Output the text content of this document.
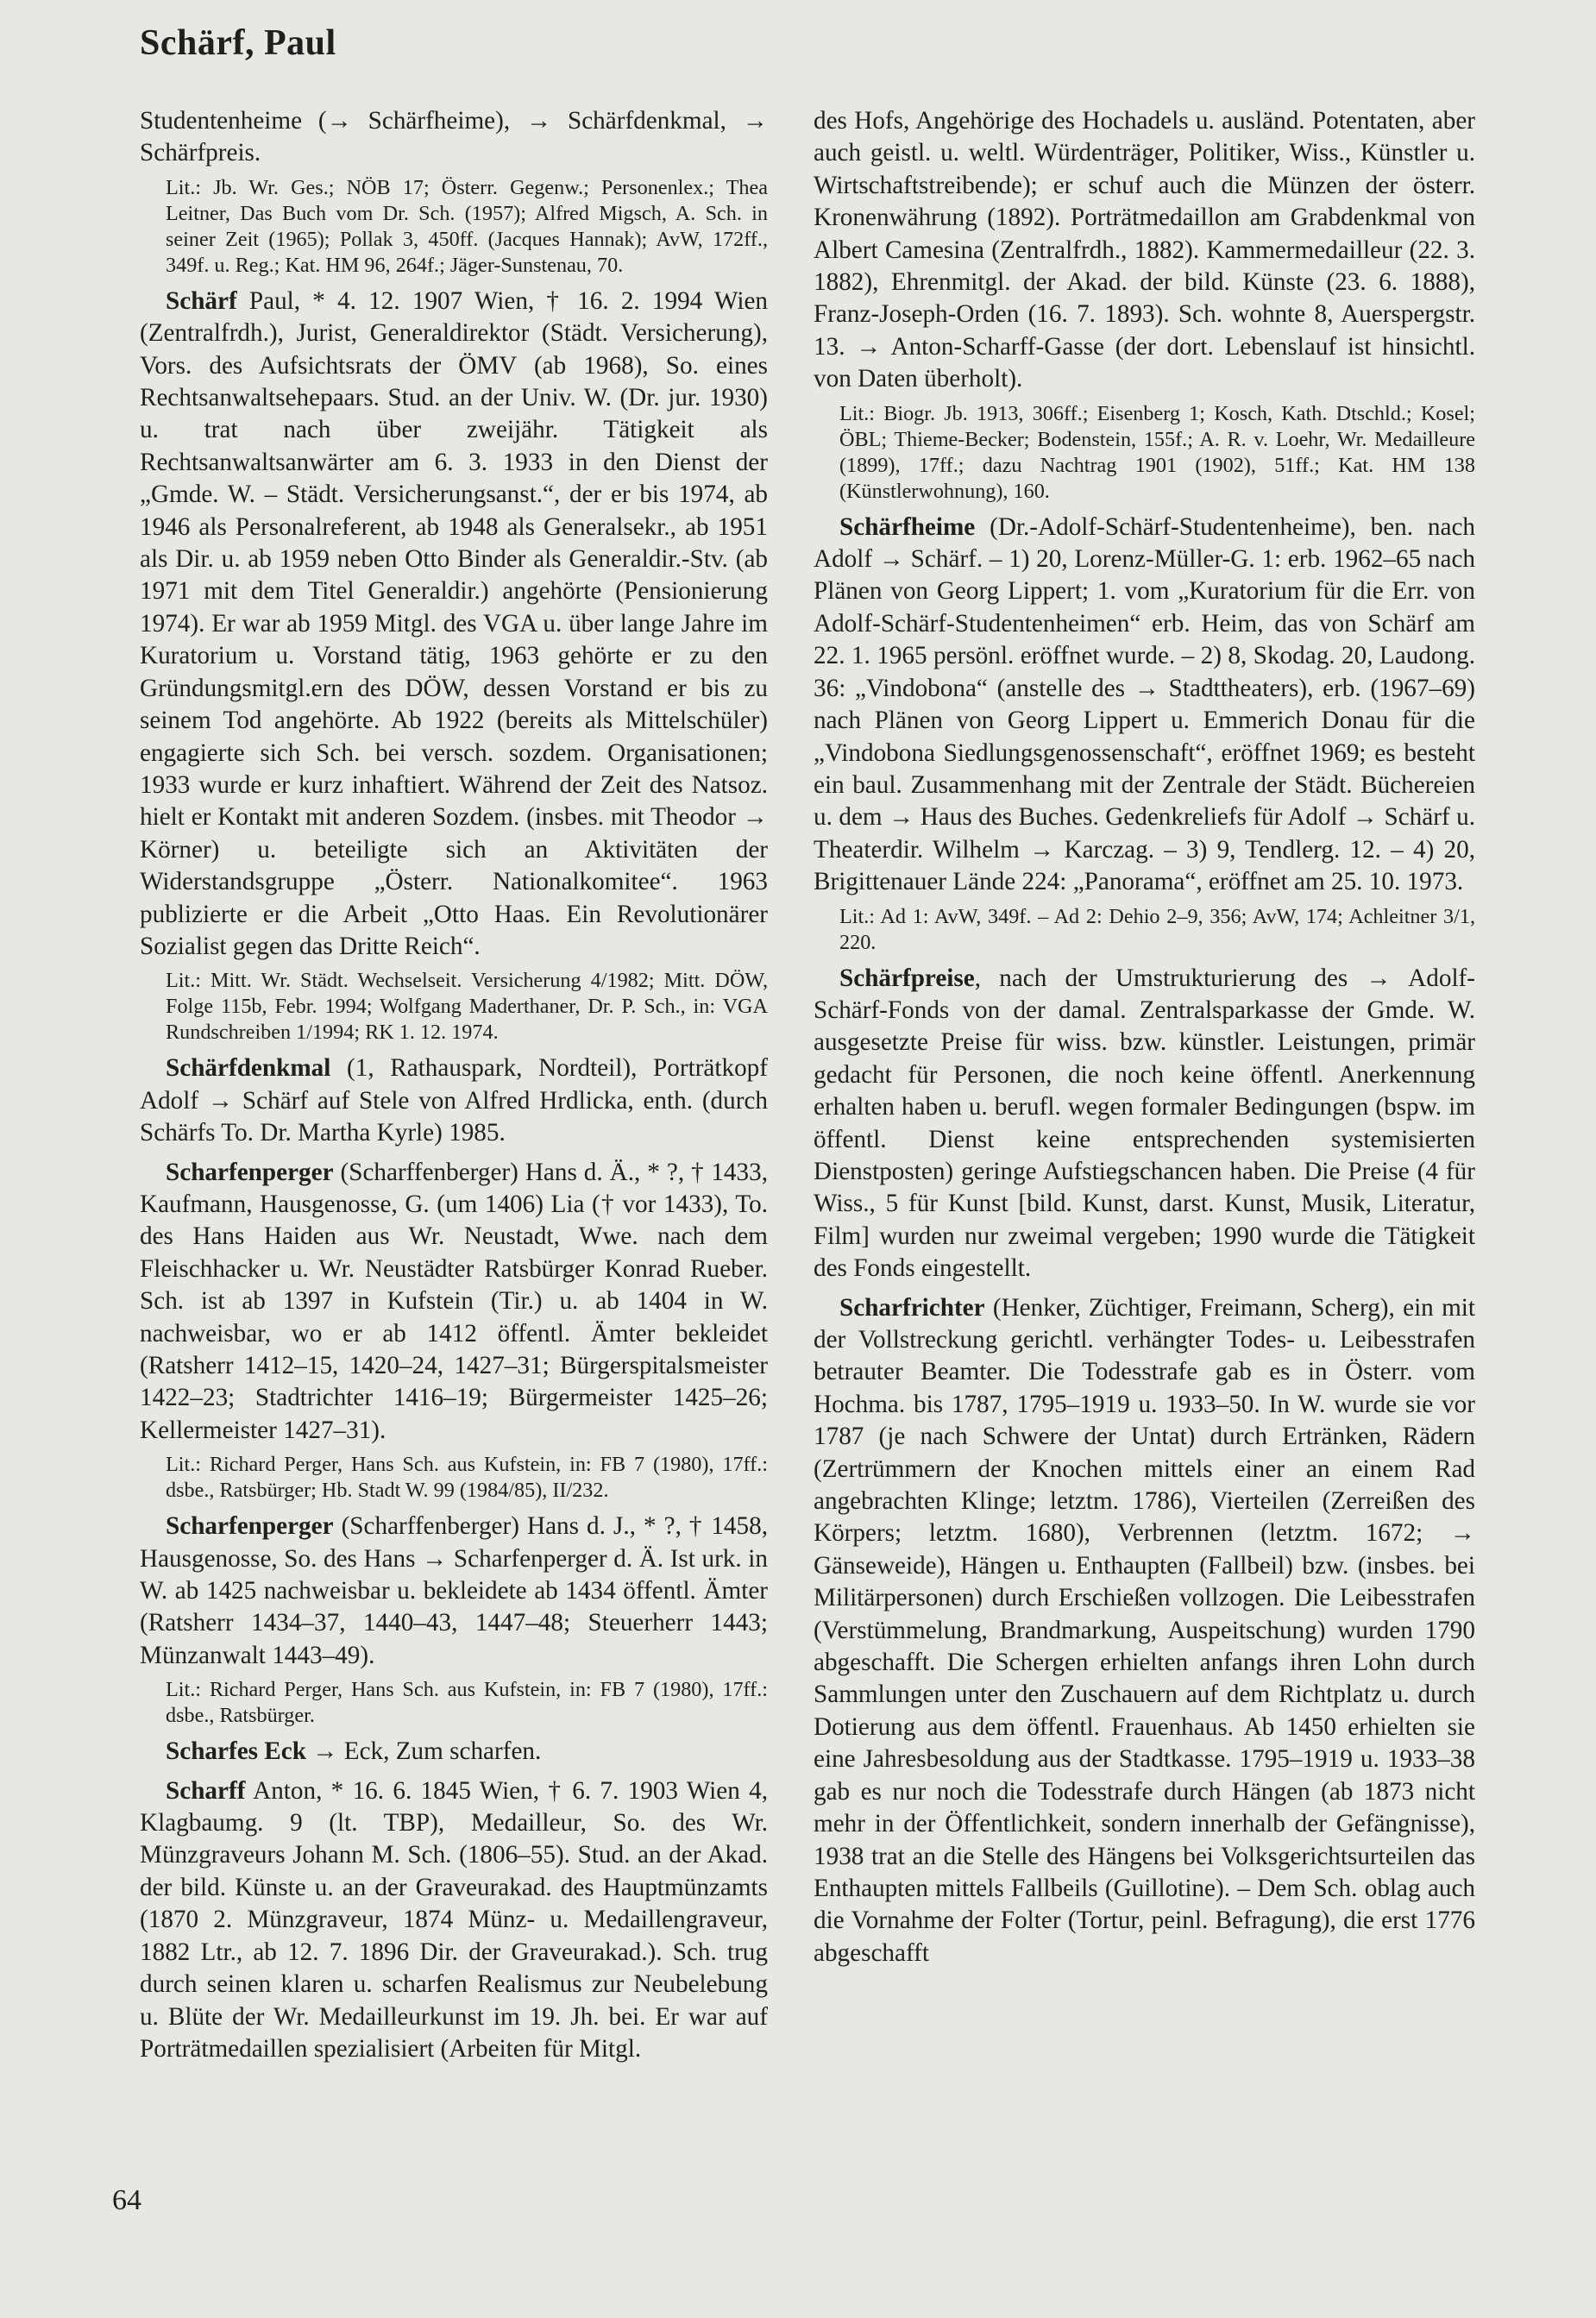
Schärf, Paul

Studentenheime (→ Schärfheime), → Schärfdenkmal, → Schärfpreis.

Lit.: Jb. Wr. Ges.; NÖB 17; Österr. Gegenw.; Personenlex.; Thea Leitner, Das Buch vom Dr. Sch. (1957); Alfred Migsch, A. Sch. in seiner Zeit (1965); Pollak 3, 450ff. (Jacques Hannak); AvW, 172ff., 349f. u. Reg.; Kat. HM 96, 264f.; Jäger-Sunstenau, 70.

Schärf Paul, * 4. 12. 1907 Wien, † 16. 2. 1994 Wien (Zentralfrdh.), Jurist, Generaldirektor (Städt. Versicherung), Vors. des Aufsichtsrats der ÖMV (ab 1968), So. eines Rechtsanwaltsehepaars. Stud. an der Univ. W. (Dr. jur. 1930) u. trat nach über zweijähr. Tätigkeit als Rechtsanwaltsanwärter am 6. 3. 1933 in den Dienst der „Gmde. W. – Städt. Versicherungsanst.“, der er bis 1974, ab 1946 als Personalreferent, ab 1948 als Generalsekr., ab 1951 als Dir. u. ab 1959 neben Otto Binder als Generaldir.-Stv. (ab 1971 mit dem Titel Generaldir.) angehörte (Pensionierung 1974). Er war ab 1959 Mitgl. des VGA u. über lange Jahre im Kuratorium u. Vorstand tätig, 1963 gehörte er zu den Gründungsmitgl.ern des DÖW, dessen Vorstand er bis zu seinem Tod angehörte. Ab 1922 (bereits als Mittelschüler) engagierte sich Sch. bei versch. sozdem. Organisationen; 1933 wurde er kurz inhaftiert. Während der Zeit des Natsoz. hielt er Kontakt mit anderen Sozdem. (insbes. mit Theodor → Körner) u. beteiligte sich an Aktivitäten der Widerstandsgruppe „Österr. Nationalkomitee“. 1963 publizierte er die Arbeit „Otto Haas. Ein Revolutionärer Sozialist gegen das Dritte Reich“.

Lit.: Mitt. Wr. Städt. Wechselseit. Versicherung 4/1982; Mitt. DÖW, Folge 115b, Febr. 1994; Wolfgang Maderthaner, Dr. P. Sch., in: VGA Rundschreiben 1/1994; RK 1. 12. 1974.

Schärfdenkmal (1, Rathauspark, Nordteil), Porträtkopf Adolf → Schärf auf Stele von Alfred Hrdlicka, enth. (durch Schärfs To. Dr. Martha Kyrle) 1985.

Scharfenperger (Scharffenberger) Hans d. Ä., * ?, † 1433, Kaufmann, Hausgenosse, G. (um 1406) Lia († vor 1433), To. des Hans Haiden aus Wr. Neustadt, Wwe. nach dem Fleischhacker u. Wr. Neustädter Ratsbürger Konrad Rueber. Sch. ist ab 1397 in Kufstein (Tir.) u. ab 1404 in W. nachweisbar, wo er ab 1412 öffentl. Ämter bekleidet (Ratsherr 1412–15, 1420–24, 1427–31; Bürgerspitalsmeister 1422–23; Stadtrichter 1416–19; Bürgermeister 1425–26; Kellermeister 1427–31).

Lit.: Richard Perger, Hans Sch. aus Kufstein, in: FB 7 (1980), 17ff.: dsbe., Ratsbürger; Hb. Stadt W. 99 (1984/85), II/232.

Scharfenperger (Scharffenberger) Hans d. J., * ?, † 1458, Hausgenosse, So. des Hans → Scharfenperger d. Ä. Ist urk. in W. ab 1425 nachweisbar u. bekleidete ab 1434 öffentl. Ämter (Ratsherr 1434–37, 1440–43, 1447–48; Steuerherr 1443; Münzanwalt 1443–49).

Lit.: Richard Perger, Hans Sch. aus Kufstein, in: FB 7 (1980), 17ff.: dsbe., Ratsbürger.

Scharfes Eck → Eck, Zum scharfen.

Scharff Anton, * 16. 6. 1845 Wien, † 6. 7. 1903 Wien 4, Klagbaumg. 9 (lt. TBP), Medailleur, So. des Wr. Münzgraveurs Johann M. Sch. (1806–55). Stud. an der Akad. der bild. Künste u. an der Graveurakad. des Hauptmünzamts (1870 2. Münzgraveur, 1874 Münz- u. Medaillengraveur, 1882 Ltr., ab 12. 7. 1896 Dir. der Graveurakad.). Sch. trug durch seinen klaren u. scharfen Realismus zur Neubelebung u. Blüte der Wr. Medailleurkunst im 19. Jh. bei. Er war auf Porträtmedaillen spezialisiert (Arbeiten für Mitgl.

des Hofs, Angehörige des Hochadels u. ausländ. Potentaten, aber auch geistl. u. weltl. Würdenträger, Politiker, Wiss., Künstler u. Wirtschaftstreibende); er schuf auch die Münzen der österr. Kronenwährung (1892). Porträtmedaillon am Grabdenkmal von Albert Camesina (Zentralfrdh., 1882). Kammermedailleur (22. 3. 1882), Ehrenmitgl. der Akad. der bild. Künste (23. 6. 1888), Franz-Joseph-Orden (16. 7. 1893). Sch. wohnte 8, Auerspergstr. 13. → Anton-Scharff-Gasse (der dort. Lebenslauf ist hinsichtl. von Daten überholt).

Lit.: Biogr. Jb. 1913, 306ff.; Eisenberg 1; Kosch, Kath. Dtschld.; Kosel; ÖBL; Thieme-Becker; Bodenstein, 155f.; A. R. v. Loehr, Wr. Medailleure (1899), 17ff.; dazu Nachtrag 1901 (1902), 51ff.; Kat. HM 138 (Künstlerwohnung), 160.

Schärfheime (Dr.-Adolf-Schärf-Studentenheime), ben. nach Adolf → Schärf. – 1) 20, Lorenz-Müller-G. 1: erb. 1962–65 nach Plänen von Georg Lippert; 1. vom „Kuratorium für die Err. von Adolf-Schärf-Studentenheimen“ erb. Heim, das von Schärf am 22. 1. 1965 persönl. eröffnet wurde. – 2) 8, Skodag. 20, Laudong. 36: „Vindobona“ (anstelle des → Stadttheaters), erb. (1967–69) nach Plänen von Georg Lippert u. Emmerich Donau für die „Vindobona Siedlungsgenossenschaft“, eröffnet 1969; es besteht ein baul. Zusammenhang mit der Zentrale der Städt. Büchereien u. dem → Haus des Buches. Gedenkreliefs für Adolf → Schärf u. Theaterdir. Wilhelm → Karczag. – 3) 9, Tendlerg. 12. – 4) 20, Brigittenauer Lände 224: „Panorama“, eröffnet am 25. 10. 1973.

Lit.: Ad 1: AvW, 349f. – Ad 2: Dehio 2–9, 356; AvW, 174; Achleitner 3/1, 220.

Schärfpreise, nach der Umstrukturierung des → Adolf-Schärf-Fonds von der damal. Zentralsparkasse der Gmde. W. ausgesetzte Preise für wiss. bzw. künstler. Leistungen, primär gedacht für Personen, die noch keine öffentl. Anerkennung erhalten haben u. berufl. wegen formaler Bedingungen (bspw. im öffentl. Dienst keine entsprechenden systemisierten Dienstposten) geringe Aufstiegschancen haben. Die Preise (4 für Wiss., 5 für Kunst [bild. Kunst, darst. Kunst, Musik, Literatur, Film] wurden nur zweimal vergeben; 1990 wurde die Tätigkeit des Fonds eingestellt.

Scharfrichter (Henker, Züchtiger, Freimann, Scherg), ein mit der Vollstreckung gerichtl. verhängter Todes- u. Leibesstrafen betrauter Beamter. Die Todesstrafe gab es in Österr. vom Hochma. bis 1787, 1795–1919 u. 1933–50. In W. wurde sie vor 1787 (je nach Schwere der Untat) durch Ertränken, Rädern (Zertrümmern der Knochen mittels einer an einem Rad angebrachten Klinge; letztm. 1786), Vierteilen (Zerreißen des Körpers; letztm. 1680), Verbrennen (letztm. 1672; → Gänseweide), Hängen u. Enthaupten (Fallbeil) bzw. (insbes. bei Militärpersonen) durch Erschießen vollzogen. Die Leibesstrafen (Verstümmelung, Brandmarkung, Auspeitschung) wurden 1790 abgeschafft. Die Schergen erhielten anfangs ihren Lohn durch Sammlungen unter den Zuschauern auf dem Richtplatz u. durch Dotierung aus dem öffentl. Frauenhaus. Ab 1450 erhielten sie eine Jahresbesoldung aus der Stadtkasse. 1795–1919 u. 1933–38 gab es nur noch die Todesstrafe durch Hängen (ab 1873 nicht mehr in der Öffentlichkeit, sondern innerhalb der Gefängnisse), 1938 trat an die Stelle des Hängens bei Volksgerichtsurteilen das Enthaupten mittels Fallbeils (Guillotine). – Dem Sch. oblag auch die Vornahme der Folter (Tortur, peinl. Befragung), die erst 1776 abgeschafft

64
